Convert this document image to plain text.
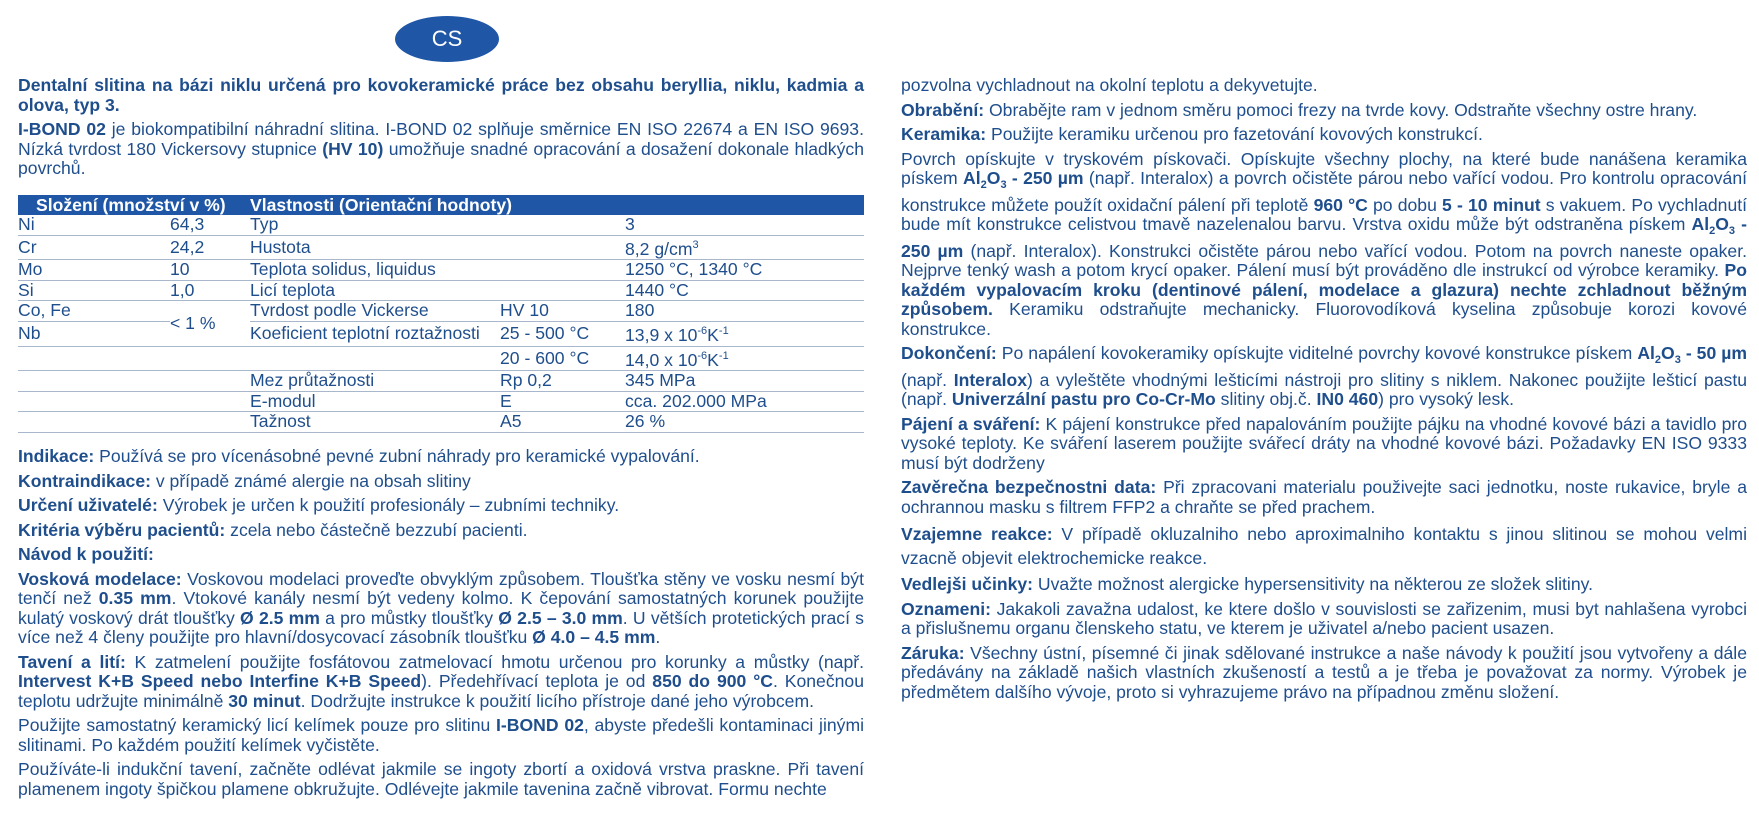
CS

Dentalní slitina na bázi niklu určená pro kovokeramické práce bez obsahu beryllia, niklu, kadmia a olova, typ 3.

I-BOND 02 je biokompatibilní náhradní slitina. I-BOND 02 splňuje směrnice EN ISO 22674 a EN ISO 9693. Nízká tvrdost 180 Vickersovy stupnice (HV 10) umožňuje snadné opracování a dosažení dokonale hladkých povrchů.

Složení (množství v %)		Vlastnosti (Orientační hodnoty)		
Ni	64,3	Typ		3
Cr	24,2	Hustota		8,2 $g/cm^3$
Mo	10	Teplota solidus, liquidus		1250 °C, 1340 °C
Si	1,0	Licí teplota		1440 °C
Co, Fe	< 1 %	Tvrdost podle Vickerse	HV 10	180
Nb		Koeficient teplotní roztažnosti	25 - 500 °C	13,9 x $10^{-6}K^{-1}$
			20 - 600 °C	14,0 x $10^{-6}K^{-1}$
		Mez průtažnosti	Rp 0,2	345 MPa
		E-modul	E	cca. 202.000 MPa
		Tažnost	A5	26 %

Indikace: Používá se pro vícenásobné pevné zubní náhrady pro keramické vypalování.

Kontraindikace: v případě známé alergie na obsah slitiny

Určení uživatelé: Výrobek je určen k použití profesionály – zubními techniky.

Kritéria výběru pacientů: zcela nebo částečně bezzubí pacienti.

Návod k použití:

Vosková modelace: Voskovou modelaci proveďte obvyklým způsobem. Tloušťka stěny ve vosku nesmí být tenčí než 0.35 mm. Vtokové kanály nesmí být vedeny kolmo. K čepování samostatných korunek použijte kulatý voskový drát tloušťky Ø 2.5 mm a pro můstky tloušťky Ø 2.5 – 3.0 mm. U větších protetických prací s více než 4 členy použijte pro hlavní/dosycovací zásobník tloušťku Ø 4.0 – 4.5 mm.

Tavení a lití: K zatmelení použijte fosfátovou zatmelovací hmotu určenou pro korunky a můstky (např. Intervest K+B Speed nebo Interfine K+B Speed). Předehřívací teplota je od 850 do 900 °C. Konečnou teplotu udržujte minimálně 30 minut. Dodržujte instrukce k použití licího přístroje dané jeho výrobcem.

Použijte samostatný keramický licí kelímek pouze pro slitinu I-BOND 02, abyste předešli kontaminaci jinými slitinami. Po každém použití kelímek vyčistěte.

Používáte-li indukční tavení, začněte odlévat jakmile se ingoty zbortí a oxidová vrstva praskne. Při tavení plamenem ingoty špičkou plamene obkružujte. Odlévejte jakmile tavenina začně vibrovat. Formu nechte

pozvolna vychladnout na okolní teplotu a dekyvetujte.

Obrabění: Obrabějte ram v jednom směru pomoci frezy na tvrde kovy. Odstraňte všechny ostre hrany.

Keramika: Použijte keramiku určenou pro fazetování kovových konstrukcí.

Povrch opískujte v tryskovém pískovači. Opískujte všechny plochy, na které bude nanášena keramika pískem $Al_2O_3 - 250$ µm (např. Interalox) a povrch očistěte párou nebo vařící vodou. Pro kontrolu opracování konstrukce můžete použít oxidační pálení při teplotě 960 °C po dobu 5 - 10 minut s vakuem. Po vychladnutí bude mít konstrukce celistvou tmavě nazelenalou barvu. Vrstva oxidu může být odstraněna pískem $Al_2O_3 - 250$ µm (např. Interalox). Konstrukci očistěte párou nebo vařící vodou. Potom na povrch naneste opaker. Nejprve tenký wash a potom krycí opaker. Pálení musí být prováděno dle instrukcí od výrobce keramiky. Po každém vypalovacím kroku (dentinové pálení, modelace a glazura) nechte zchladnout běžným způsobem. Keramiku odstraňujte mechanicky. Fluorovodíková kyselina způsobuje korozi kovové konstrukce.

Dokončení: Po napálení kovokeramiky opískujte viditelné povrchy kovové konstrukce pískem $Al_2O_3 - 50$ µm (např. Interalox) a vyleštěte vhodnými lešticími nástroji pro slitiny s niklem. Nakonec použijte lešticí pastu (např. Univerzální pastu pro Co-Cr-Mo slitiny obj.č. IN0 460) pro vysoký lesk.

Pájení a sváření: K pájení konstrukce před napalováním použijte pájku na vhodné kovové bázi a tavidlo pro vysoké teploty. Ke sváření laserem použijte svářecí dráty na vhodné kovové bázi. Požadavky EN ISO 9333 musí být dodrženy

Zavěrečna bezpečnostni data: Při zpracovani materialu použivejte saci jednotku, noste rukavice, bryle a ochrannou masku s filtrem FFP2 a chraňte se před prachem.

Vzajemne reakce: V případě okluzalniho nebo aproximalniho kontaktu s jinou slitinou se mohou velmi vzacně objevit elektrochemicke reakce.

Vedlejši učinky: Uvažte možnost alergicke hypersensitivity na některou ze složek slitiny.

Oznameni: Jakakoli zavažna udalost, ke ktere došlo v souvislosti se zařizenim, musi byt nahlašena vyrobci a přislušnemu organu členskeho statu, ve kterem je uživatel a/nebo pacient usazen.

Záruka: Všechny ústní, písemné či jinak sdělované instrukce a naše návody k použití jsou vytvořeny a dále předávány na základě našich vlastních zkušeností a testů a je třeba je považovat za normy. Výrobek je předmětem dalšího vývoje, proto si vyhrazujeme právo na případnou změnu složení.
